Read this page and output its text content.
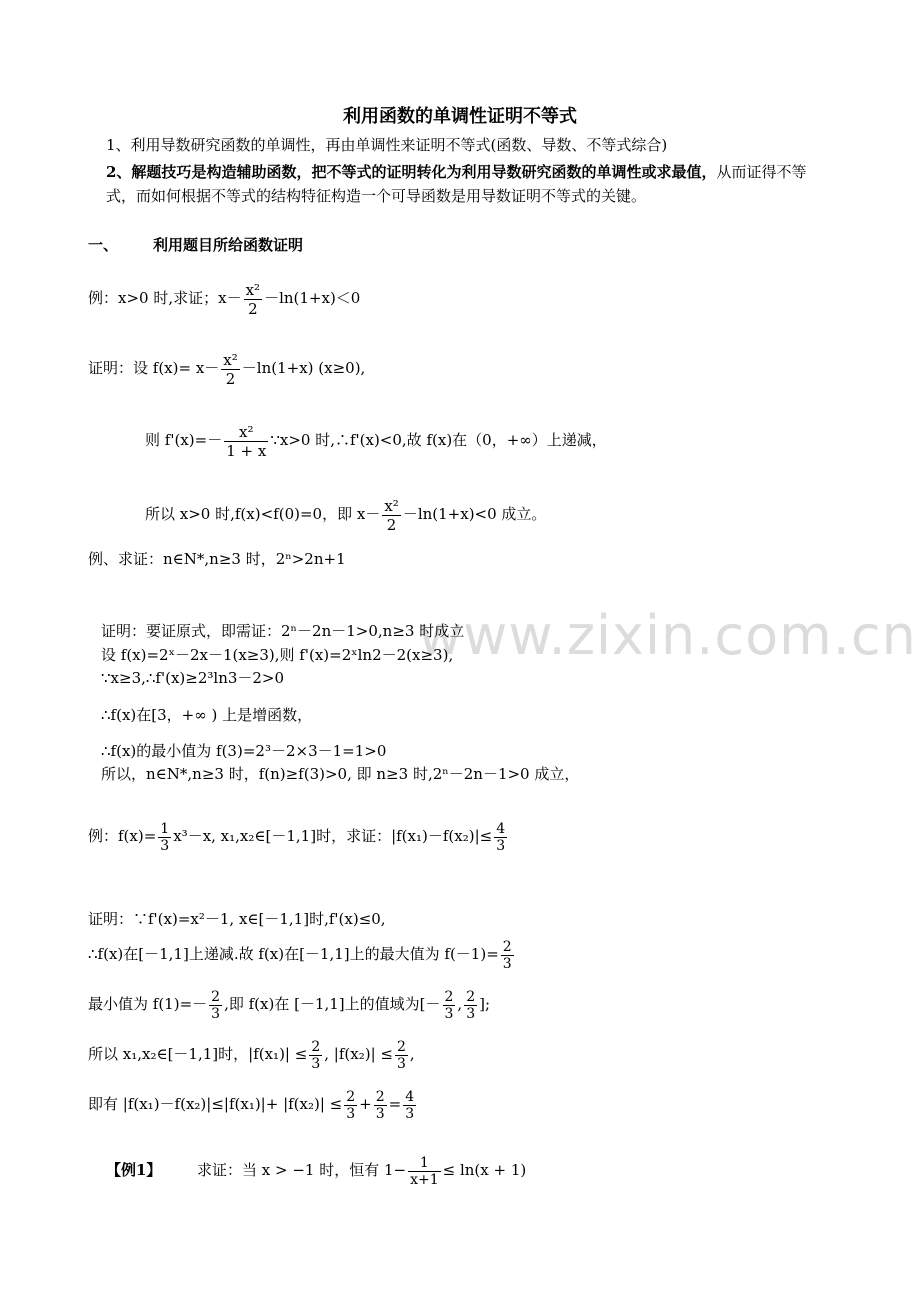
利用函数的单调性证明不等式
1、利用导数研究函数的单调性，再由单调性来证明不等式(函数、导数、不等式综合)
2、解题技巧是构造辅助函数，把不等式的证明转化为利用导数研究函数的单调性或求最值，从而证得不等式，而如何根据不等式的结构特征构造一个可导函数是用导数证明不等式的关键。
一、 利用题目所给函数证明
例：x>0 时,求证；$x- \frac{\text{x²}}{2} -\ln(1+x)<0$
证明：设 $f(x)= x- \frac{\text{x²}}{2} -\ln(1+x)$ (x≥0),
则 $f'(x)=- \frac{\text{x²}}{1 + x}$ ∵x>0 时,∴f'(x)<0,故 f(x)在（0，+∞）上递减，
所以 x>0 时,f(x)<f(0)=0，即 $x- \frac{\text{x²}}{2} -\ln(1+x)<0$ 成立。
例、求证：n∈N*,n≥3 时，2ⁿ>2n+1
www.zixin.com.cn
证明：要证原式，即需证：2ⁿ－2n－1>0,n≥3 时成立
设 f(x)=2ˣ－2x－1(x≥3),则 f'(x)=2ˣln2－2(x≥3),
∵x≥3,∴f'(x)≥2³ln3－2>0
∴f(x)在[3，+∞ ) 上是增函数，
∴f(x)的最小值为 f(3)=2³－2×3－1=1>0
所以，n∈N*,n≥3 时，f(n)≥f(3)>0, 即 n≥3 时,2ⁿ－2n－1>0 成立，
例：$f(x)= \frac{1}{3} x^3-x$, x₁,x₂∈[－1,1]时，求证：$|f(x_1)-f(x_2)|\le \frac{4}{3}$
证明：∵f'(x)=x²－1, x∈[－1,1]时,f'(x)≤0,
∴f(x)在[－1,1]上递减.故 f(x)在[－1,1]上的最大值为 $f(-1)= \frac{2}{3}$
最小值为 $f(1)=- \frac{2}{3}$ ,即 f(x)在 [－1,1]上的值域为[－ $\frac{2}{3}$ , $\frac{2}{3}$ ];
所以 x₁,x₂∈[－1,1]时，$|f(x_1)| \le \frac{2}{3}$ , $|f(x_2)| \le \frac{2}{3}$ ,
即有 $|f(x_1)-f(x_2)|\le|f(x_1)|+ |f(x_2)| \le \frac{2}{3} + \frac{2}{3} = \frac{4}{3}$
【例1】 求证：当 x > −1 时，恒有 $1- \frac{1}{x+1} \le \ln(x + 1)$
